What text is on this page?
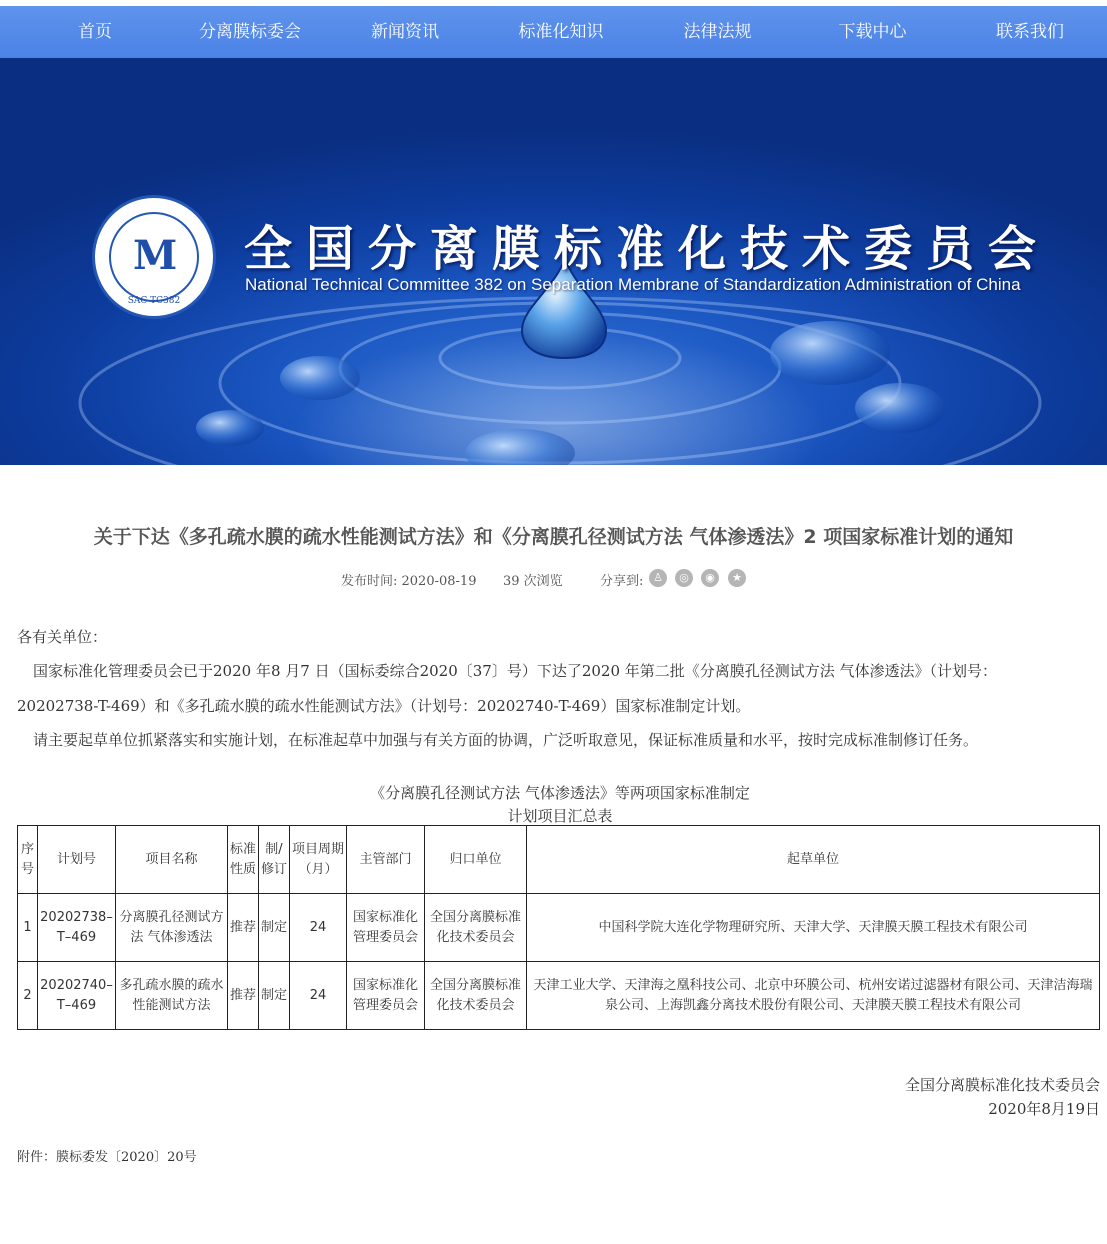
首页	分离膜标委会	新闻资讯	标准化知识	法律法规	下载中心	联系我们
M
SAC TC382
全国分离膜标准化技术委员会
National Technical Committee 382 on Separation Membrane of Standardization Administration of China
关于下达《多孔疏水膜的疏水性能测试方法》和《分离膜孔径测试方法 气体渗透法》2 项国家标准计划的通知
发布时间: 2020-08-19 39 次浏览	分享到: ♙	◎	◉	★
各有关单位：
国家标准化管理委员会已于2020 年8 月7 日（国标委综合2020〔37〕号）下达了2020 年第二批《分离膜孔径测试方法 气体渗透法》（计划号：
20202738-T-469）和《多孔疏水膜的疏水性能测试方法》（计划号：20202740-T-469）国家标准制定计划。
请主要起草单位抓紧落实和实施计划，在标准起草中加强与有关方面的协调，广泛听取意见，保证标准质量和水平，按时完成标准制修订任务。
《分离膜孔径测试方法 气体渗透法》等两项国家标准制定
计划项目汇总表
序号	计划号	项目名称	标准性质	制/修订	项目周期（月）	主管部门	归口单位	起草单位
1	20202738–T–469	分离膜孔径测试方法 气体渗透法	推荐	制定	24	国家标准化管理委员会	全国分离膜标准化技术委员会	中国科学院大连化学物理研究所、天津大学、天津膜天膜工程技术有限公司
2	20202740–T–469	多孔疏水膜的疏水性能测试方法	推荐	制定	24	国家标准化管理委员会	全国分离膜标准化技术委员会	天津工业大学、天津海之凰科技公司、北京中环膜公司、杭州安诺过滤器材有限公司、天津洁海瑞泉公司、上海凯鑫分离技术股份有限公司、天津膜天膜工程技术有限公司
全国分离膜标准化技术委员会
2020年8月19日
附件：膜标委发〔2020〕20号
